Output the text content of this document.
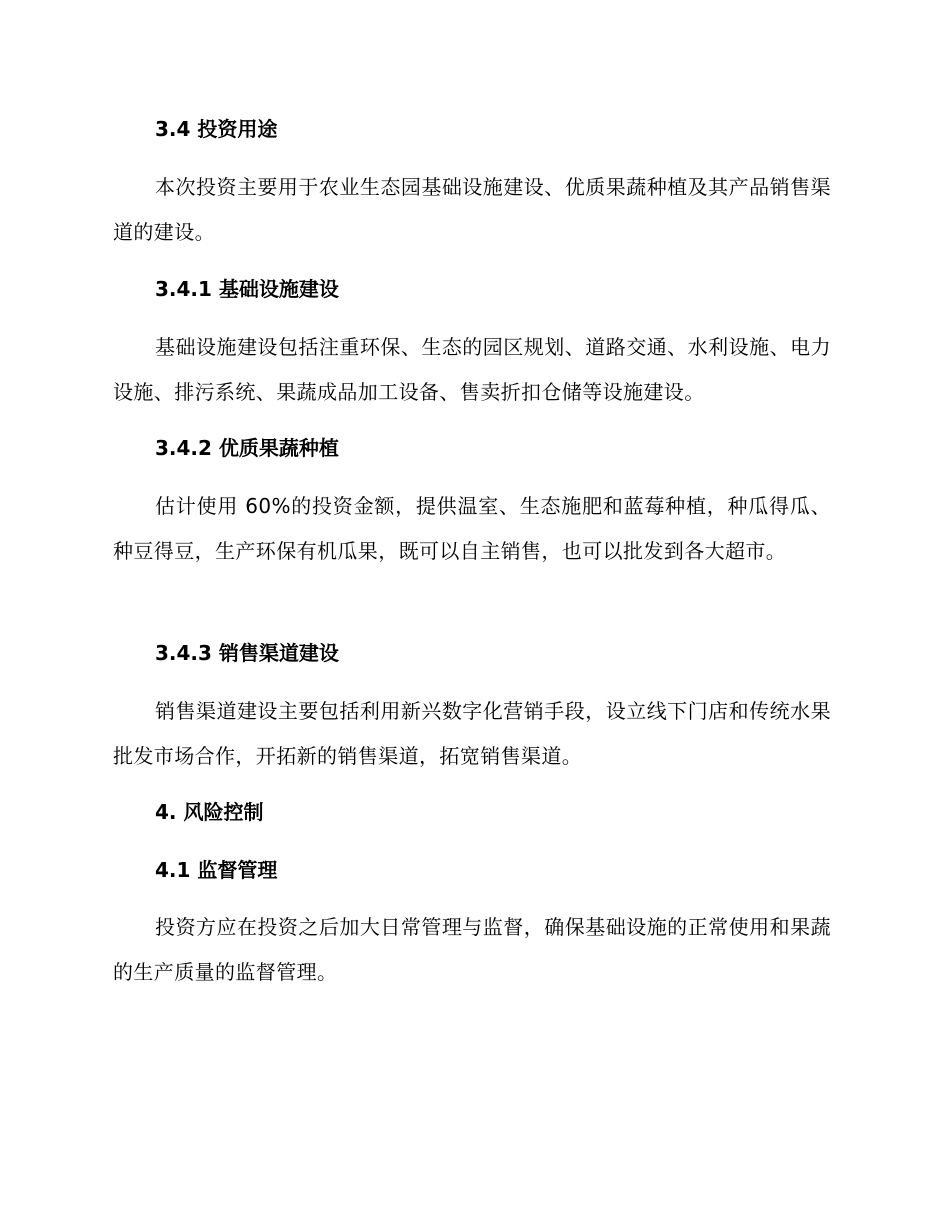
3.4 投资用途
本次投资主要用于农业生态园基础设施建设、优质果蔬种植及其产品销售渠道的建设。
3.4.1 基础设施建设
基础设施建设包括注重环保、生态的园区规划、道路交通、水利设施、电力设施、排污系统、果蔬成品加工设备、售卖折扣仓储等设施建设。
3.4.2 优质果蔬种植
估计使用 60%的投资金额，提供温室、生态施肥和蓝莓种植，种瓜得瓜、种豆得豆，生产环保有机瓜果，既可以自主销售，也可以批发到各大超市。
3.4.3 销售渠道建设
销售渠道建设主要包括利用新兴数字化营销手段，设立线下门店和传统水果批发市场合作，开拓新的销售渠道，拓宽销售渠道。
4. 风险控制
4.1 监督管理
投资方应在投资之后加大日常管理与监督，确保基础设施的正常使用和果蔬的生产质量的监督管理。
